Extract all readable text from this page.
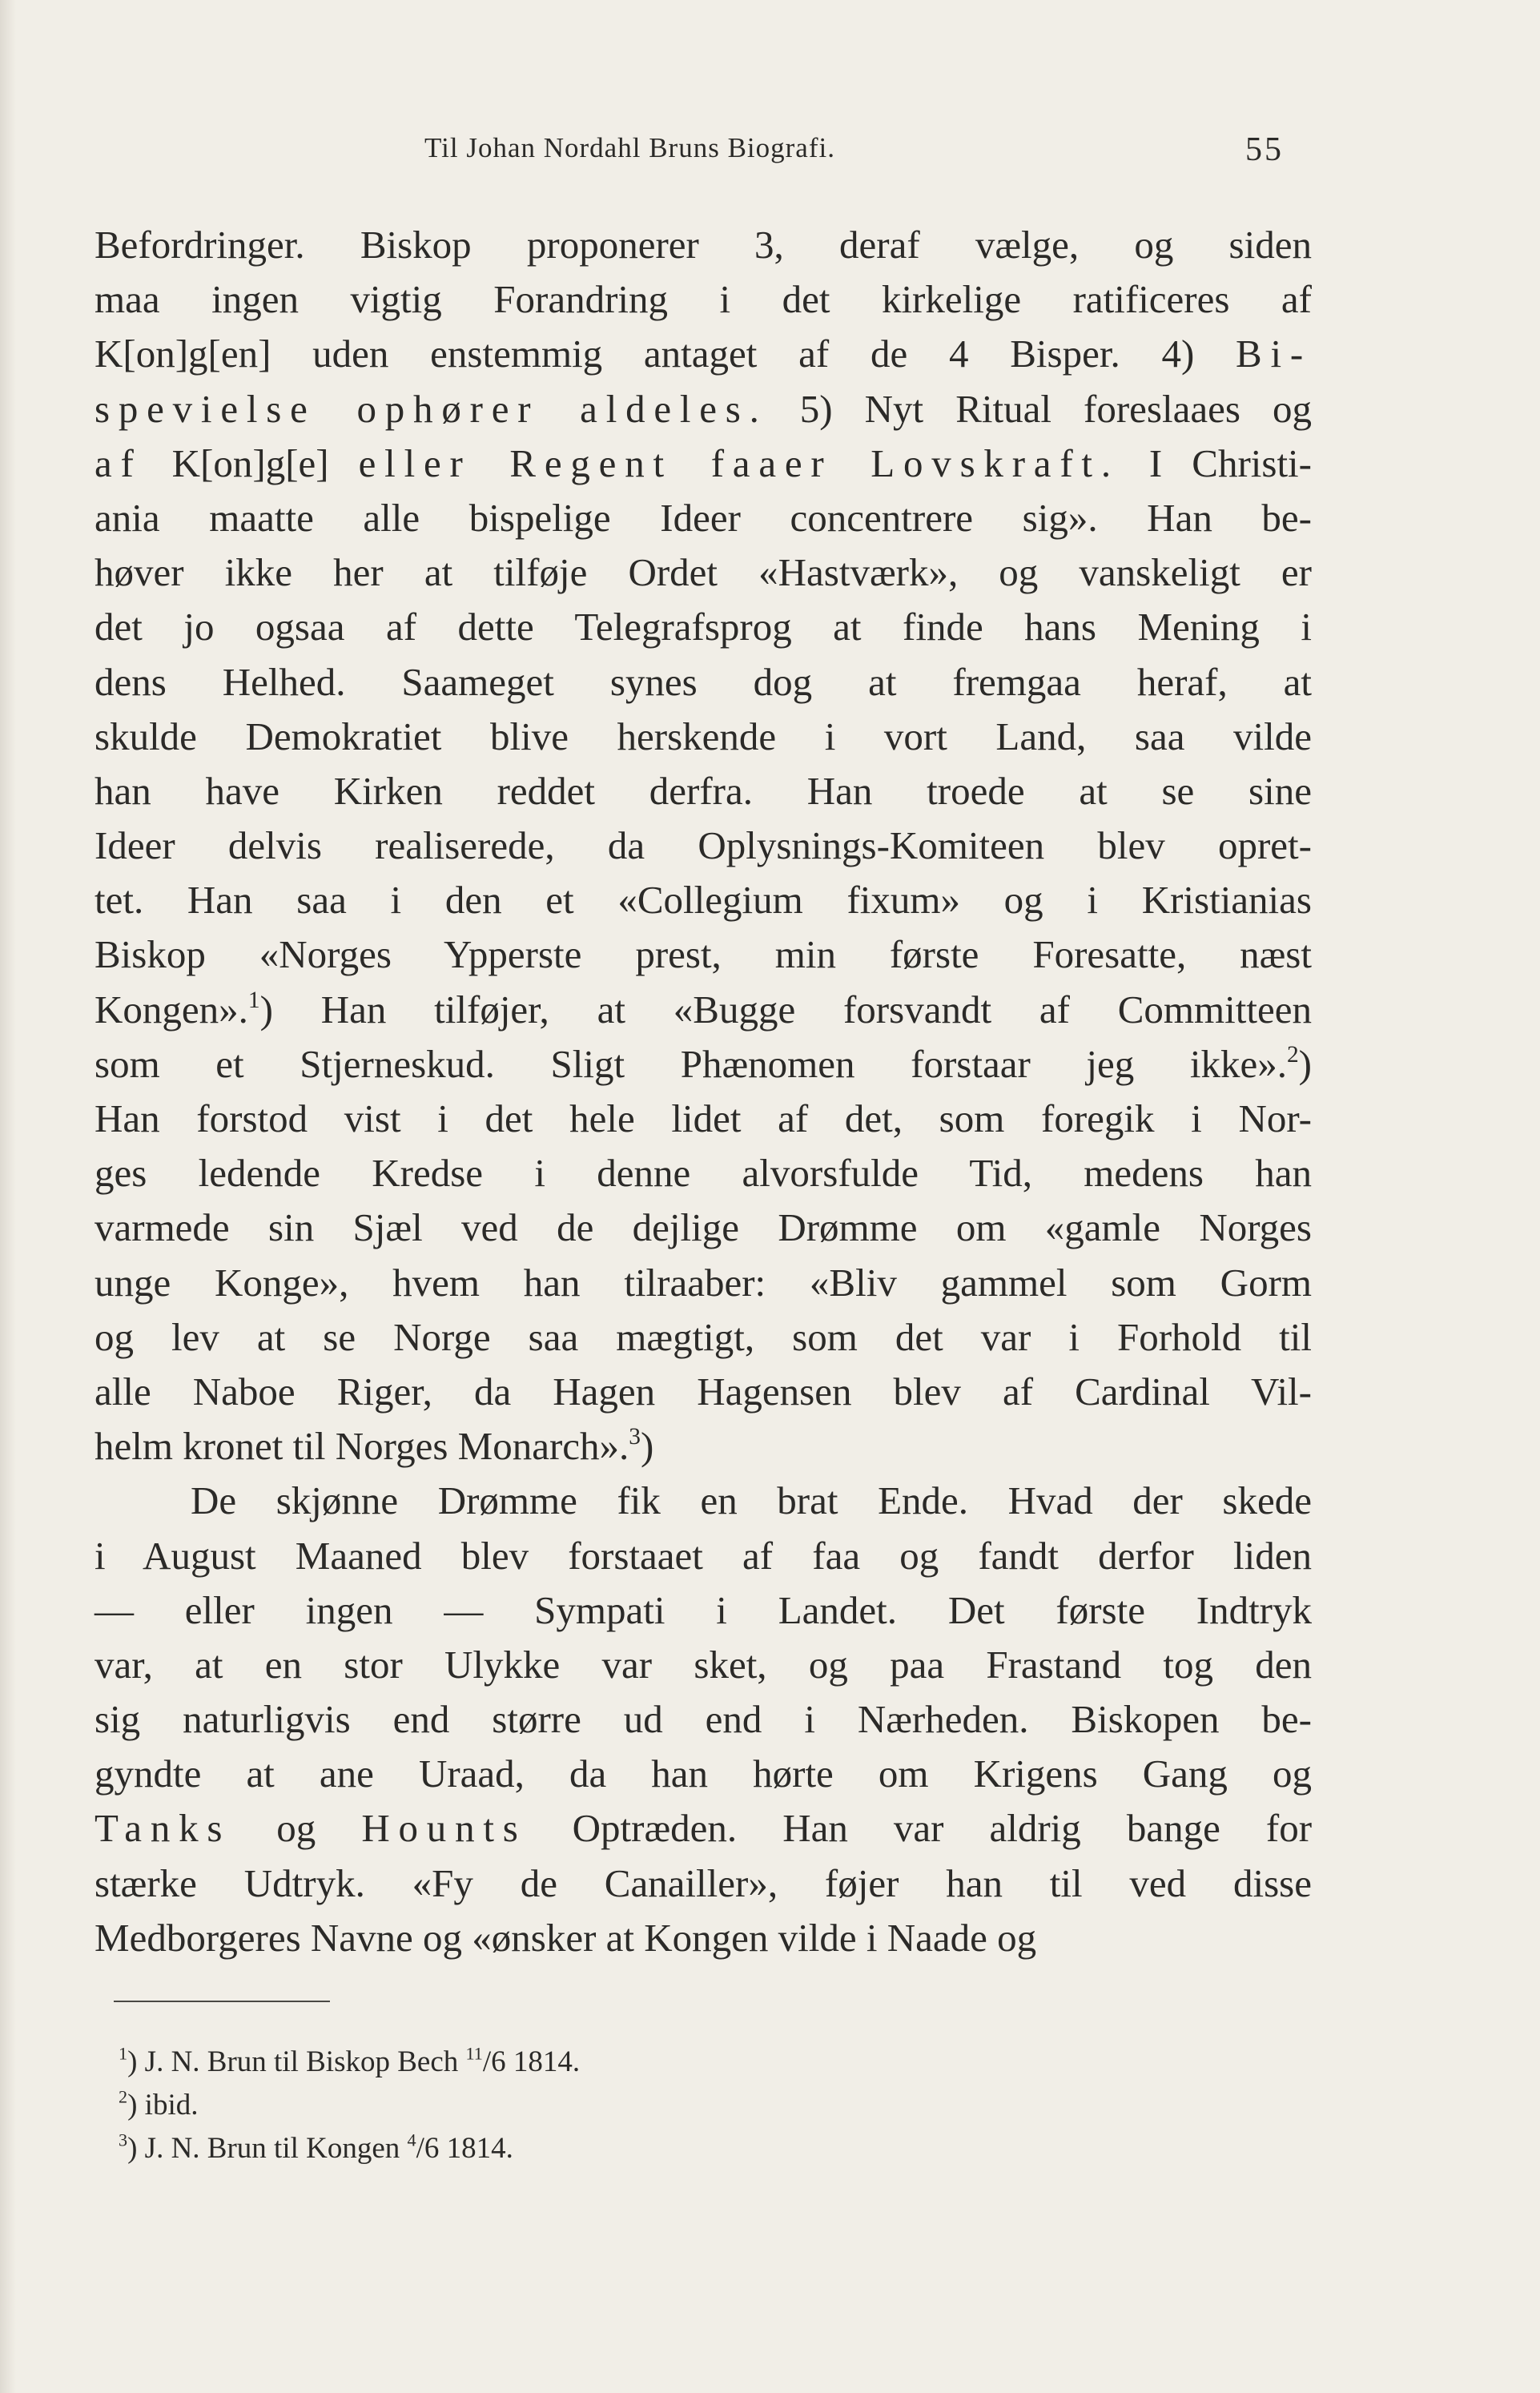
Til Johan Nordahl Bruns Biografi.	55
Befordringer. Biskop proponerer 3, deraf vælge, og siden
maa ingen vigtig Forandring i det kirkelige ratificeres af
K[on]g[en] uden enstemmig antaget af de 4 Bisper. 4) Bi-
spevielse ophører aldeles. 5) Nyt Ritual foreslaaes og
af K[on]g[e] eller Regent faaer Lovskraft. I Christi-
ania maatte alle bispelige Ideer concentrere sig». Han be-
høver ikke her at tilføje Ordet «Hastværk», og vanskeligt er
det jo ogsaa af dette Telegrafsprog at finde hans Mening i
dens Helhed. Saameget synes dog at fremgaa heraf, at
skulde Demokratiet blive herskende i vort Land, saa vilde
han have Kirken reddet derfra. Han troede at se sine
Ideer delvis realiserede, da Oplysnings-Komiteen blev opret-
tet. Han saa i den et «Collegium fixum» og i Kristianias
Biskop «Norges Ypperste prest, min første Foresatte, næst
Kongen».$^1$) Han tilføjer, at «Bugge forsvandt af Committeen
som et Stjerneskud. Sligt Phænomen forstaar jeg ikke».$^2$)
Han forstod vist i det hele lidet af det, som foregik i Nor-
ges ledende Kredse i denne alvorsfulde Tid, medens han
varmede sin Sjæl ved de dejlige Drømme om «gamle Norges
unge Konge», hvem han tilraaber: «Bliv gammel som Gorm
og lev at se Norge saa mægtigt, som det var i Forhold til
alle Naboe Riger, da Hagen Hagensen blev af Cardinal Vil-
helm kronet til Norges Monarch».$^3$)
De skjønne Drømme fik en brat Ende. Hvad der skede
i August Maaned blev forstaaet af faa og fandt derfor liden
— eller ingen — Sympati i Landet. Det første Indtryk
var, at en stor Ulykke var sket, og paa Frastand tog den
sig naturligvis end større ud end i Nærheden. Biskopen be-
gyndte at ane Uraad, da han hørte om Krigens Gang og
Tanks og Hounts Optræden. Han var aldrig bange for
stærke Udtryk. «Fy de Canailler», føjer han til ved disse
Medborgeres Navne og «ønsker at Kongen vilde i Naade og
$^1$) J. N. Brun til Biskop Bech $^{11}$/6 1814.
$^2$) ibid.
$^3$) J. N. Brun til Kongen $^4$/6 1814.
